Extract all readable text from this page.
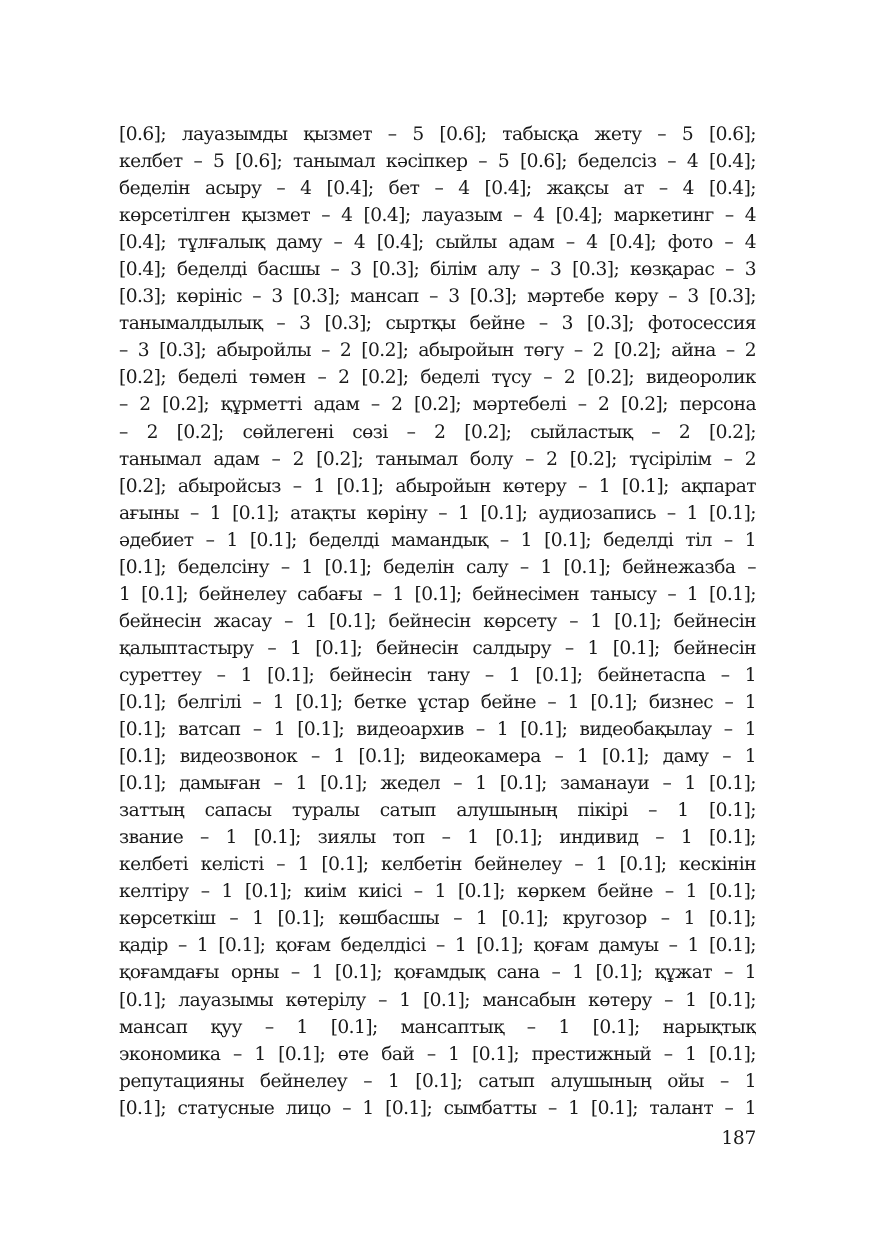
[0.6]; лауазымды қызмет – 5 [0.6]; табысқа жету – 5 [0.6];
келбет – 5 [0.6]; танымал кәсіпкер – 5 [0.6]; беделсіз – 4 [0.4];
беделін асыру – 4 [0.4]; бет – 4 [0.4]; жақсы ат – 4 [0.4];
көрсетілген қызмет – 4 [0.4]; лауазым – 4 [0.4]; маркетинг – 4
[0.4]; тұлғалық даму – 4 [0.4]; сыйлы адам – 4 [0.4]; фото – 4
[0.4]; беделді басшы – 3 [0.3]; білім алу – 3 [0.3]; көзқарас – 3
[0.3]; көрініс – 3 [0.3]; мансап – 3 [0.3]; мәртебе көру – 3 [0.3];
танымалдылық – 3 [0.3]; сыртқы бейне – 3 [0.3]; фотосессия
– 3 [0.3]; абыройлы – 2 [0.2]; абыройын төгу – 2 [0.2]; айна – 2
[0.2]; беделі төмен – 2 [0.2]; беделі түсу – 2 [0.2]; видеоролик
– 2 [0.2]; құрметті адам – 2 [0.2]; мәртебелі – 2 [0.2]; персона
– 2 [0.2]; сөйлегені сөзі – 2 [0.2]; сыйластық – 2 [0.2];
танымал адам – 2 [0.2]; танымал болу – 2 [0.2]; түсірілім – 2
[0.2]; абыройсыз – 1 [0.1]; абыройын көтеру – 1 [0.1]; ақпарат
ағыны – 1 [0.1]; атақты көріну – 1 [0.1]; аудиозапись – 1 [0.1];
әдебиет – 1 [0.1]; беделді мамандық – 1 [0.1]; беделді тіл – 1
[0.1]; беделсіну – 1 [0.1]; беделін салу – 1 [0.1]; бейнежазба –
1 [0.1]; бейнелеу сабағы – 1 [0.1]; бейнесімен танысу – 1 [0.1];
бейнесін жасау – 1 [0.1]; бейнесін көрсету – 1 [0.1]; бейнесін
қалыптастыру – 1 [0.1]; бейнесін салдыру – 1 [0.1]; бейнесін
суреттеу – 1 [0.1]; бейнесін тану – 1 [0.1]; бейнетаспа – 1
[0.1]; белгілі – 1 [0.1]; бетке ұстар бейне – 1 [0.1]; бизнес – 1
[0.1]; ватсап – 1 [0.1]; видеоархив – 1 [0.1]; видеобақылау – 1
[0.1]; видеозвонок – 1 [0.1]; видеокамера – 1 [0.1]; даму – 1
[0.1]; дамыған – 1 [0.1]; жедел – 1 [0.1]; заманауи – 1 [0.1];
заттың сапасы туралы сатып алушының пікірі – 1 [0.1];
звание – 1 [0.1]; зиялы топ – 1 [0.1]; индивид – 1 [0.1];
келбеті келісті – 1 [0.1]; келбетін бейнелеу – 1 [0.1]; кескінін
келтіру – 1 [0.1]; киім киісі – 1 [0.1]; көркем бейне – 1 [0.1];
көрсеткіш – 1 [0.1]; көшбасшы – 1 [0.1]; кругозор – 1 [0.1];
қадір – 1 [0.1]; қоғам беделдісі – 1 [0.1]; қоғам дамуы – 1 [0.1];
қоғамдағы орны – 1 [0.1]; қоғамдық сана – 1 [0.1]; құжат – 1
[0.1]; лауазымы көтерілу – 1 [0.1]; мансабын көтеру – 1 [0.1];
мансап қуу – 1 [0.1]; мансаптық – 1 [0.1]; нарықтық
экономика – 1 [0.1]; өте бай – 1 [0.1]; престижный – 1 [0.1];
репутацияны бейнелеу – 1 [0.1]; сатып алушының ойы – 1
[0.1]; статусные лицо – 1 [0.1]; сымбатты – 1 [0.1]; талант – 1
187
